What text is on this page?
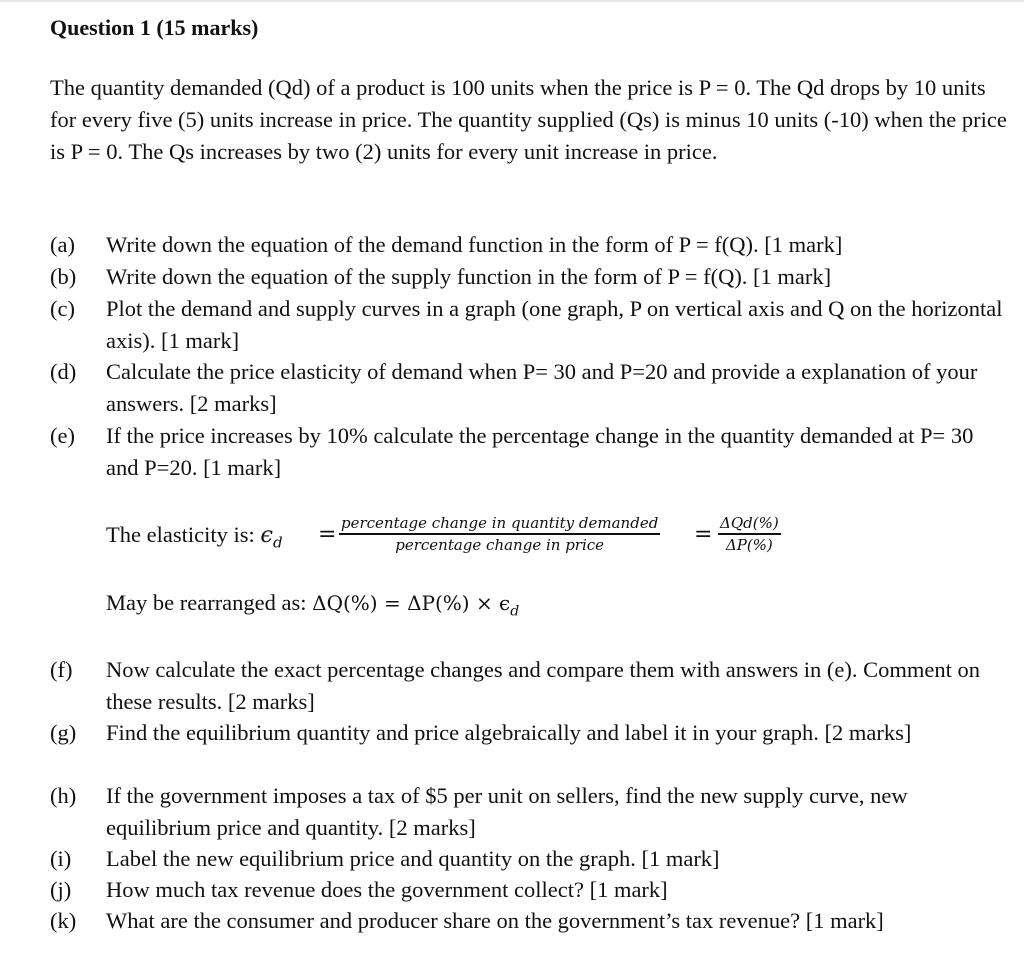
Question 1 (15 marks)

The quantity demanded (Qd) of a product is 100 units when the price is P = 0. The Qd drops by 10 units for every five (5) units increase in price. The quantity supplied (Qs) is minus 10 units (-10) when the price is P = 0. The Qs increases by two (2) units for every unit increase in price.

(a)	Write down the equation of the demand function in the form of P = f(Q). [1 mark]
(b)	Write down the equation of the supply function in the form of P = f(Q). [1 mark]
(c)	Plot the demand and supply curves in a graph (one graph, P on vertical axis and Q on the horizontal axis). [1 mark]
(d)	Calculate the price elasticity of demand when P= 30 and P=20 and provide a explanation of your answers. [2 marks]
(e)	If the price increases by 10% calculate the percentage change in the quantity demanded at P= 30 and P=20. [1 mark]
The elasticity is: $\epsilon_d$ = percentage change in quantity demanded
percentage change in price	= ΔQd(%)
ΔP(%)
May be rearranged as: $\Delta Q(\%) = \Delta P(\%) \times \epsilon_d$
(f)	Now calculate the exact percentage changes and compare them with answers in (e). Comment on these results. [2 marks]
(g)	Find the equilibrium quantity and price algebraically and label it in your graph. [2 marks]
(h)	If the government imposes a tax of $5 per unit on sellers, find the new supply curve, new equilibrium price and quantity. [2 marks]
(i)	Label the new equilibrium price and quantity on the graph. [1 mark]
(j)	How much tax revenue does the government collect? [1 mark]
(k)	What are the consumer and producer share on the government’s tax revenue? [1 mark]
